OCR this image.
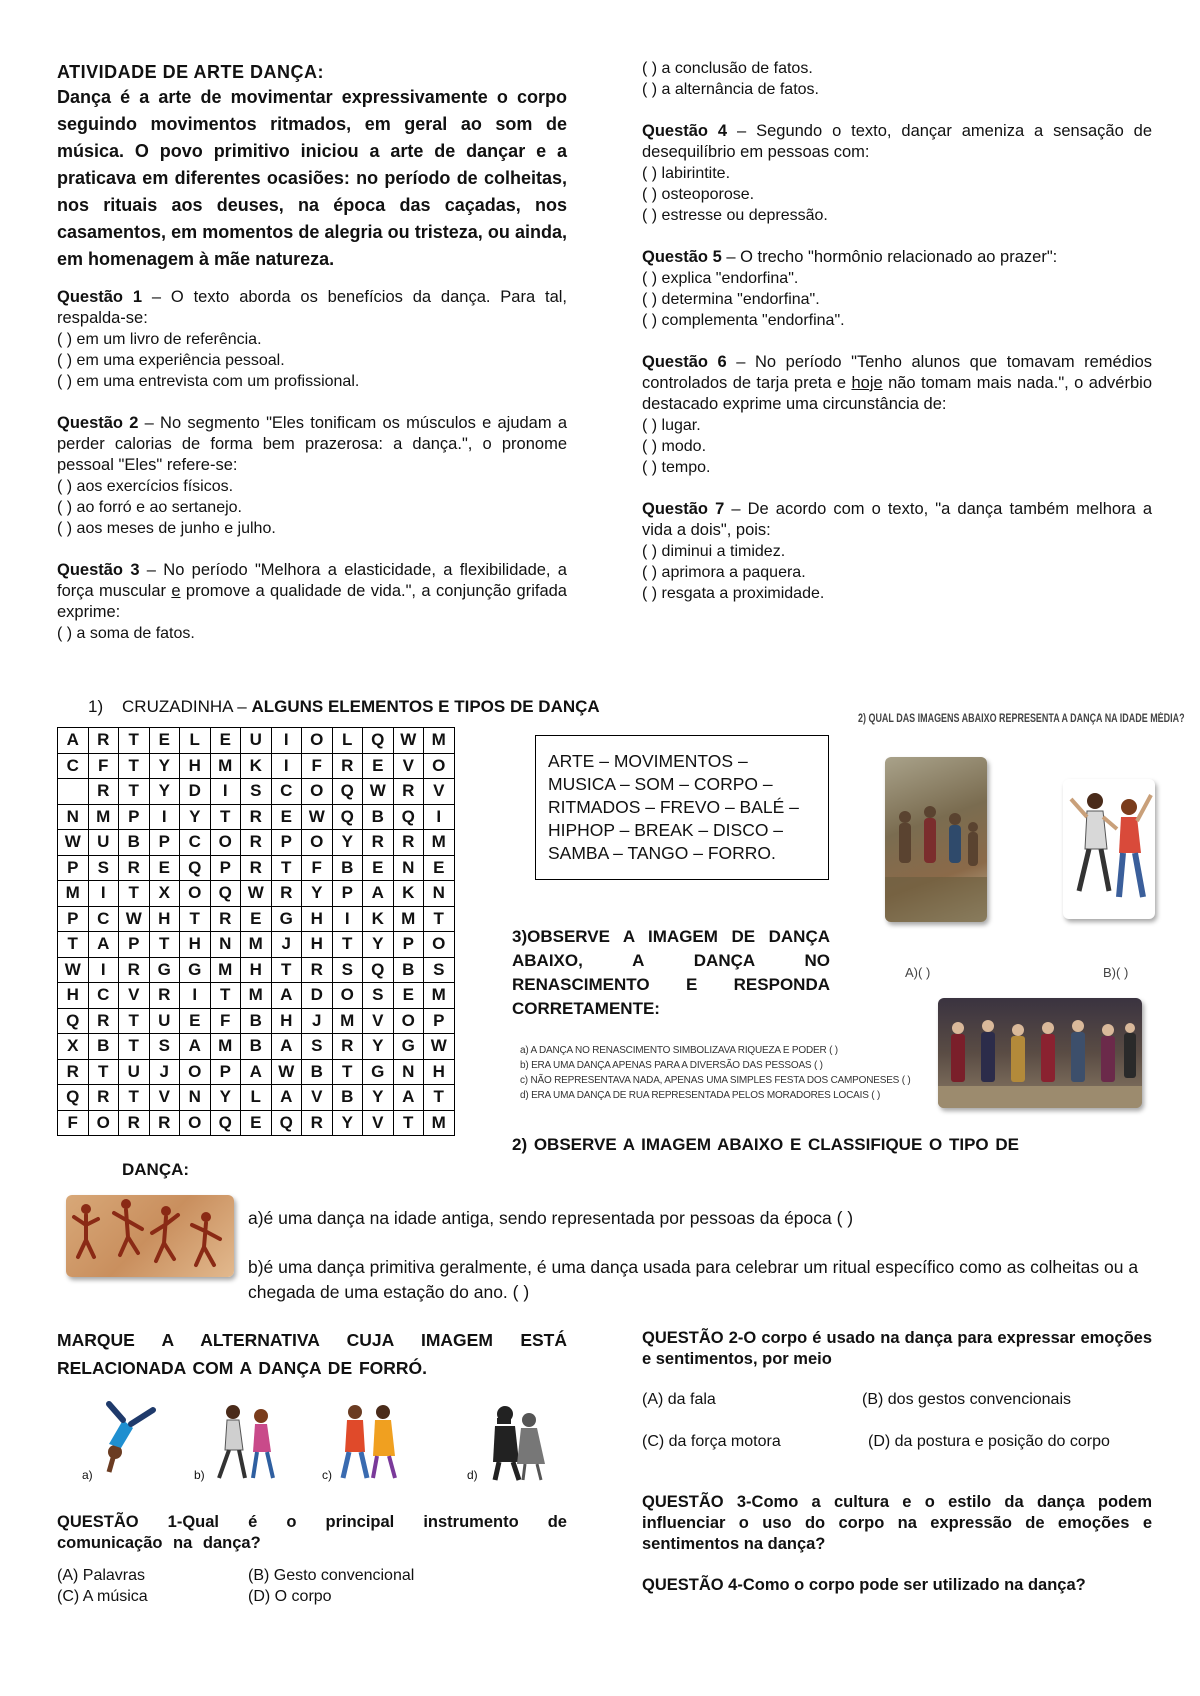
ATIVIDADE DE ARTE DANÇA:

Dança é a arte de movimentar expressivamente o corpo seguindo movimentos ritmados, em geral ao som de música. O povo primitivo iniciou a arte de dançar e a praticava em diferentes ocasiões: no período de colheitas, nos rituais aos deuses, na época das caçadas, nos casamentos, em momentos de alegria ou tristeza, ou ainda, em homenagem à mãe natureza.

Questão 1 – O texto aborda os benefícios da dança. Para tal, respalda-se:

( ) em um livro de referência.

( ) em uma experiência pessoal.

( ) em uma entrevista com um profissional.

Questão 2 – No segmento "Eles tonificam os músculos e ajudam a perder calorias de forma bem prazerosa: a dança.", o pronome pessoal "Eles" refere-se:

( ) aos exercícios físicos.

( ) ao forró e ao sertanejo.

( ) aos meses de junho e julho.

Questão 3 – No período "Melhora a elasticidade, a flexibilidade, a força muscular e promove a qualidade de vida.", a conjunção grifada exprime:

( ) a soma de fatos.

( ) a conclusão de fatos.

( ) a alternância de fatos.

Questão 4 – Segundo o texto, dançar ameniza a sensação de desequilíbrio em pessoas com:

( ) labirintite.

( ) osteoporose.

( ) estresse ou depressão.

Questão 5 – O trecho "hormônio relacionado ao prazer":

( ) explica "endorfina".

( ) determina "endorfina".

( ) complementa "endorfina".

Questão 6 – No período "Tenho alunos que tomavam remédios controlados de tarja preta e hoje não tomam mais nada.", o advérbio destacado exprime uma circunstância de:

( ) lugar.

( ) modo.

( ) tempo.

Questão 7 – De acordo com o texto, "a dança também melhora a vida a dois", pois:

( ) diminui a timidez.

( ) aprimora a paquera.

( ) resgata a proximidade.

1) CRUZADINHA – ALGUNS ELEMENTOS E TIPOS DE DANÇA
A	R	T	E	L	E	U	I	O	L	Q	W	M
C	F	T	Y	H	M	K	I	F	R	E	V	O
	R	T	Y	D	I	S	C	O	Q	W	R	V
N	M	P	I	Y	T	R	E	W	Q	B	Q	I
W	U	B	P	C	O	R	P	O	Y	R	R	M
P	S	R	E	Q	P	R	T	F	B	E	N	E
M	I	T	X	O	Q	W	R	Y	P	A	K	N
P	C	W	H	T	R	E	G	H	I	K	M	T
T	A	P	T	H	N	M	J	H	T	Y	P	O
W	I	R	G	G	M	H	T	R	S	Q	B	S
H	C	V	R	I	T	M	A	D	O	S	E	M
Q	R	T	U	E	F	B	H	J	M	V	O	P
X	B	T	S	A	M	B	A	S	R	Y	G	W
R	T	U	J	O	P	A	W	B	T	G	N	H
Q	R	T	V	N	Y	L	A	V	B	Y	A	T
F	O	R	R	O	Q	E	Q	R	Y	V	T	M
ARTE – MOVIMENTOS – MUSICA – SOM – CORPO – RITMADOS – FREVO – BALÉ – HIPHOP – BREAK – DISCO – SAMBA – TANGO – FORRO.
2) QUAL DAS IMAGENS ABAIXO REPRESENTA A DANÇA NA IDADE MÉDIA?
A)( )	B)( )
3)OBSERVE A IMAGEM DE DANÇA ABAIXO, A DANÇA NO RENASCIMENTO E RESPONDA CORRETAMENTE:
a) A DANÇA NO RENASCIMENTO SIMBOLIZAVA RIQUEZA E PODER ( )
b) ERA UMA DANÇA APENAS PARA A DIVERSÃO DAS PESSOAS ( )
c) NÃO REPRESENTAVA NADA, APENAS UMA SIMPLES FESTA DOS CAMPONESES ( )
d) ERA UMA DANÇA DE RUA REPRESENTADA PELOS MORADORES LOCAIS ( )
2) OBSERVE A IMAGEM ABAIXO E CLASSIFIQUE O TIPO DE
DANÇA:
a)é uma dança na idade antiga, sendo representada por pessoas da época ( )
b)é uma dança primitiva geralmente, é uma dança usada para celebrar um ritual específico como as colheitas ou a chegada de uma estação do ano. ( )
MARQUE A ALTERNATIVA CUJA IMAGEM ESTÁ RELACIONADA COM A DANÇA DE FORRÓ.
a)	b)	c)	d)
QUESTÃO 1-Qual é o principal instrumento de comunicação na dança?
(A) Palavras	(B) Gesto convencional
(C) A música	(D) O corpo
QUESTÃO 2-O corpo é usado na dança para expressar emoções e sentimentos, por meio
(A) da fala	(B) dos gestos convencionais
(C) da força motora	(D) da postura e posição do corpo
QUESTÃO 3-Como a cultura e o estilo da dança podem influenciar o uso do corpo na expressão de emoções e sentimentos na dança?
QUESTÃO 4-Como o corpo pode ser utilizado na dança?
